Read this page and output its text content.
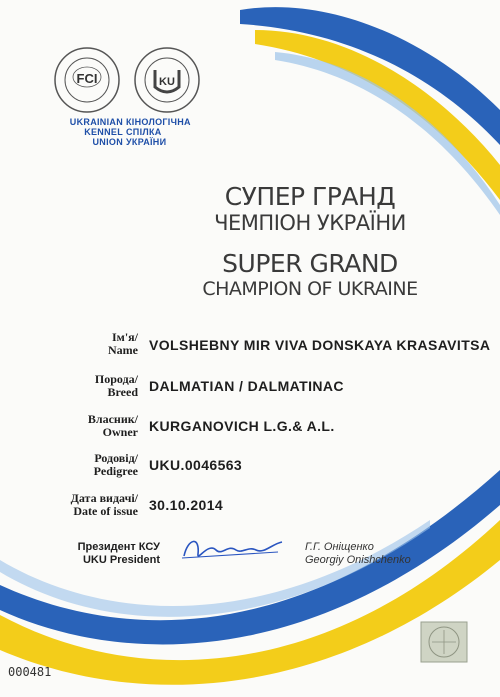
FCI	KU
UKRAINIAN
KENNEL
UNION
КІНОЛОГІЧНА
СПІЛКА
УКРАЇНИ
СУПЕР ГРАНД
ЧЕМПІОН УКРАЇНИ
SUPER GRAND
CHAMPION OF UKRAINE
Ім'я/
Name VOLSHEBNY MIR VIVA DONSKAYA KRASAVITSA
Порода/
Breed DALMATIAN / DALMATINAC
Власник/
Owner KURGANOVICH L.G.& A.L.
Родовід/
Pedigree UKU.0046563
Дата видачі/
Date of issue 30.10.2014
Президент КСУ
UKU President
Г.Г. Оніщенко
Georgiy Onishchenko
000481
